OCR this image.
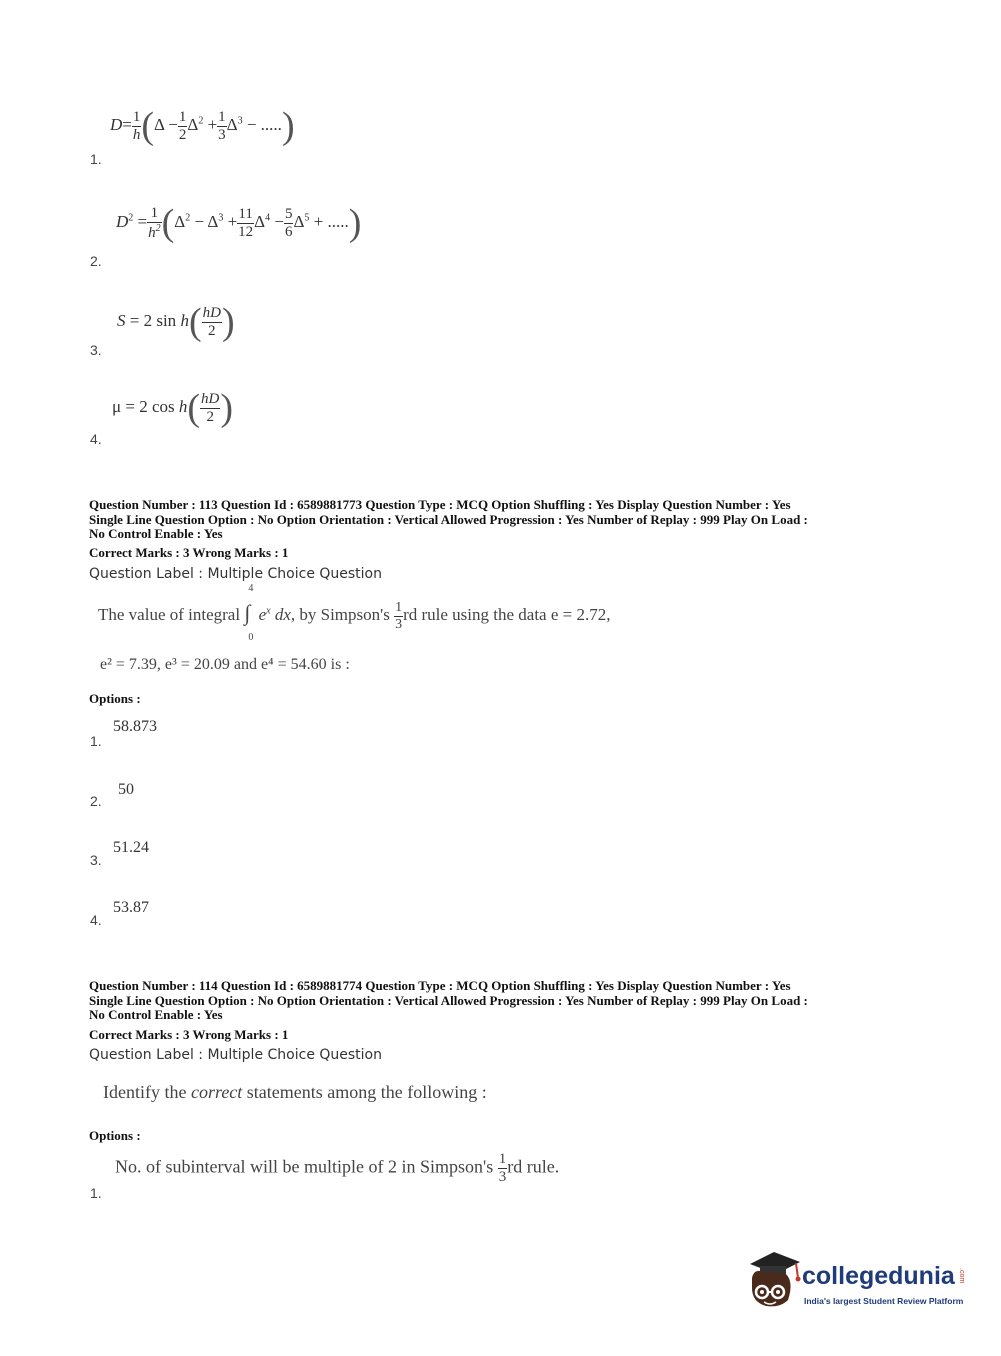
$D= \frac{1}{h} (\Delta - \frac{1}{2} \Delta^2 + \frac{1}{3} \Delta^3$ − .....)
1.
$D^2 = \frac{1}{h^2} (\Delta^2 - \Delta^3 + \frac{11}{12} \Delta^4 - \frac{5}{6} \Delta^5$ + .....)
2.
S = 2 $\sin h( \frac{hD}{2}$ )
3.
μ = 2 $\cos h( \frac{hD}{2}$ )
4.
Question Number : 113 Question Id : 6589881773 Question Type : MCQ Option Shuffling : Yes Display Question Number : Yes
Single Line Question Option : No Option Orientation : Vertical Allowed Progression : Yes Number of Replay : 999 Play On Load :
No Control Enable : Yes
Correct Marks : 3 Wrong Marks : 1
Question Label : Multiple Choice Question
The value of integral ∫
4
0
$e^x$ dx, by Simpson's $\frac{1}{3}$ rd rule using the data e = 2.72,
e² = 7.39, e³ = 20.09 and e⁴ = 54.60 is :
Options :
58.873
1.
50
2.
51.24
3.
53.87
4.
Question Number : 114 Question Id : 6589881774 Question Type : MCQ Option Shuffling : Yes Display Question Number : Yes
Single Line Question Option : No Option Orientation : Vertical Allowed Progression : Yes Number of Replay : 999 Play On Load :
No Control Enable : Yes
Correct Marks : 3 Wrong Marks : 1
Question Label : Multiple Choice Question
Identify the correct statements among the following :
Options :
No. of subinterval will be multiple of 2 in Simpson's $\frac{1}{3}$ rd rule.
1.
collegedunia .com
India's largest Student Review Platform
